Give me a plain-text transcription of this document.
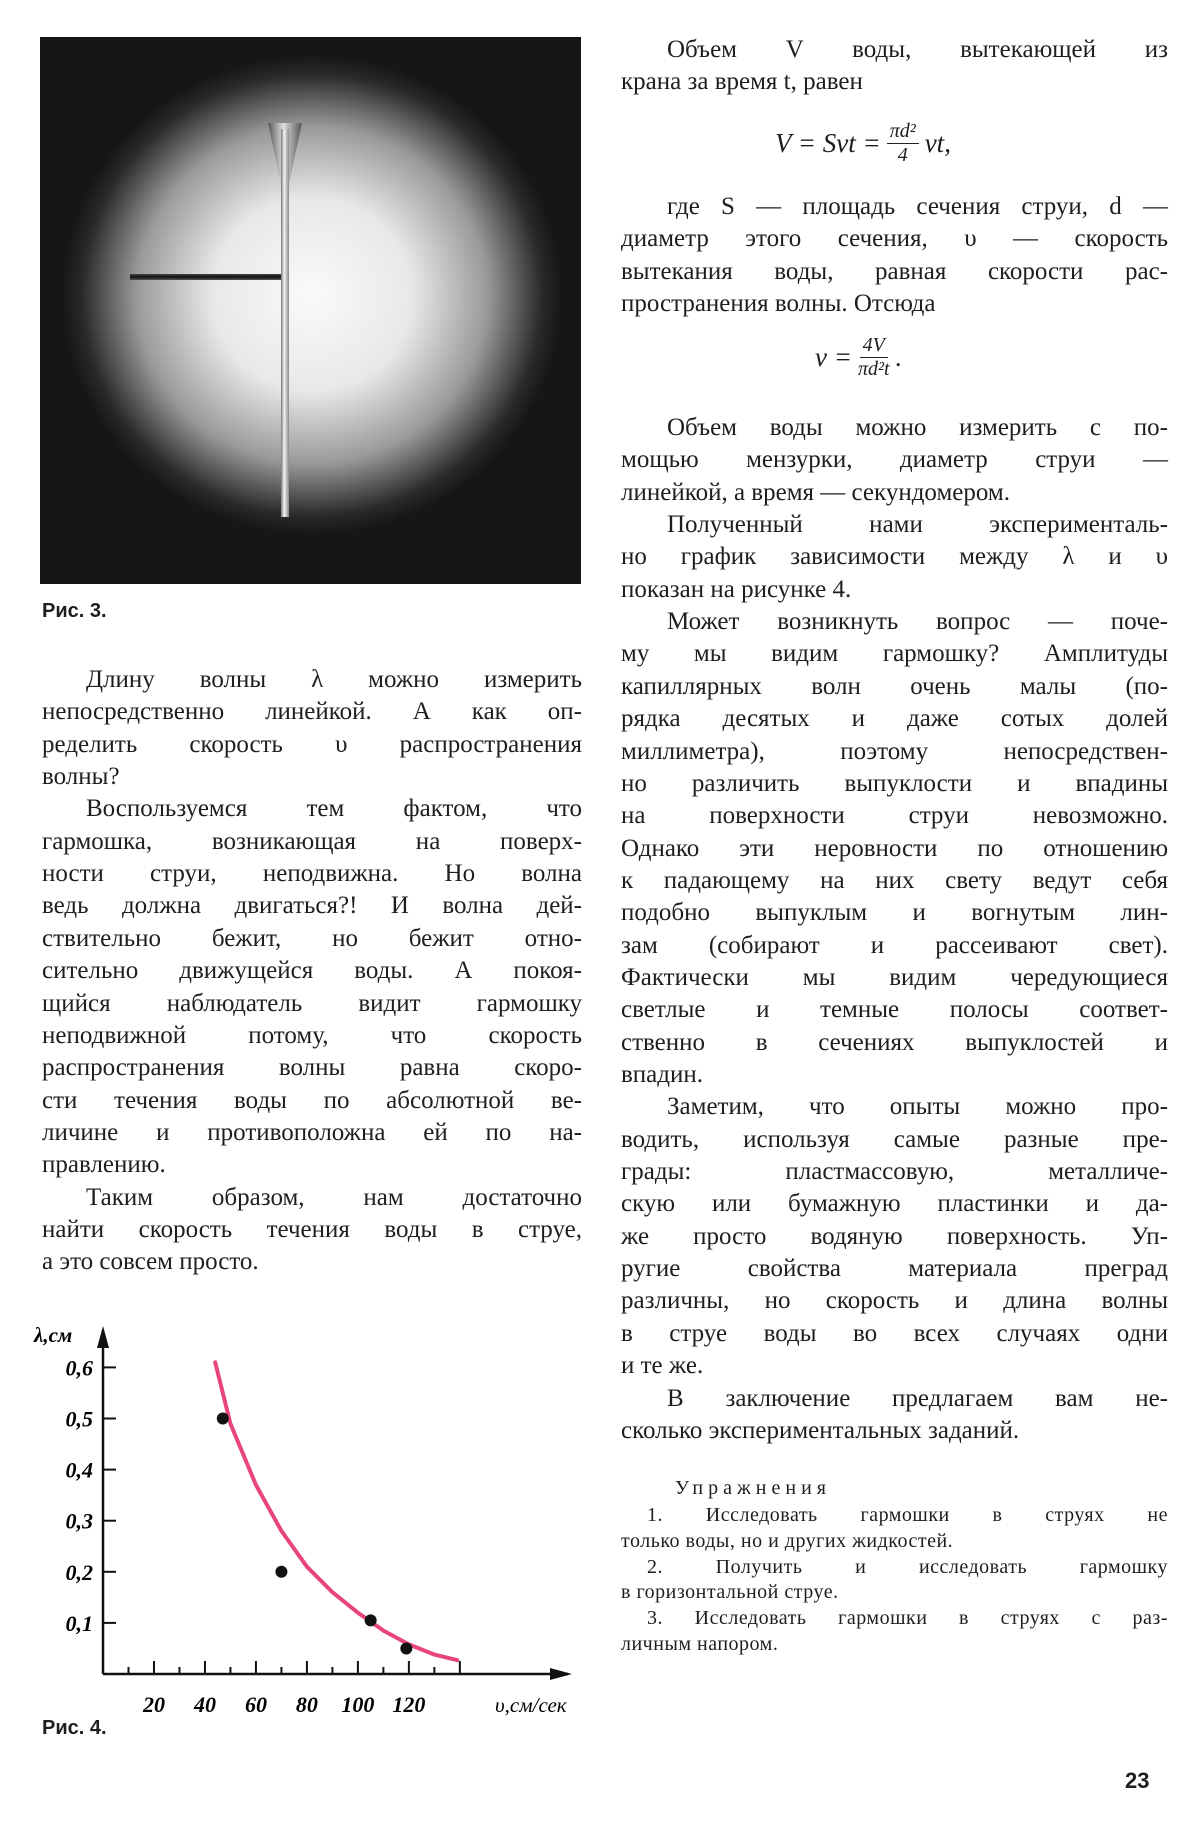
Рис. 3.
Длину волны λ можно измерить
непосредственно линейкой. А как оп-
ределить скорость υ распространения
волны?
Воспользуемся тем фактом, что
гармошка, возникающая на поверх-
ности струи, неподвижна. Но волна
ведь должна двигаться?! И волна дей-
ствительно бежит, но бежит отно-
сительно движущейся воды. А покоя-
щийся наблюдатель видит гармошку
неподвижной потому, что скорость
распространения волны равна скоро-
сти течения воды по абсолютной ве-
личине и противоположна ей по на-
правлению.
Таким образом, нам достаточно
найти скорость течения воды в струе,
а это совсем просто.
Объем V воды, вытекающей из
крана за время t, равен
где S — площадь сечения струи, d —
диаметр этого сечения, υ — скорость
вытекания воды, равная скорости рас-
пространения волны. Отсюда
Объем воды можно измерить с по-
мощью мензурки, диаметр струи —
линейкой, а время — секундомером.
Полученный нами эксперименталь-
но график зависимости между λ и υ
показан на рисунке 4.
Может возникнуть вопрос — поче-
му мы видим гармошку? Амплитуды
капиллярных волн очень малы (по-
рядка десятых и даже сотых долей
миллиметра), поэтому непосредствен-
но различить выпуклости и впадины
на поверхности струи невозможно.
Однако эти неровности по отношению
к падающему на них свету ведут себя
подобно выпуклым и вогнутым лин-
зам (собирают и рассеивают свет).
Фактически мы видим чередующиеся
светлые и темные полосы соответ-
ственно в сечениях выпуклостей и
впадин.
Заметим, что опыты можно про-
водить, используя самые разные пре-
грады: пластмассовую, металличе-
скую или бумажную пластинки и да-
же просто водяную поверхность. Уп-
ругие свойства материала преград
различны, но скорость и длина волны
в струе воды во всех случаях одни
и те же.
В заключение предлагаем вам не-
сколько экспериментальных заданий.
V = Svt = $\frac{\text{πd²}}{4}$ vt,
$v = \frac{4V}{\text{πd²t}}$ .
Упражнения
1. Исследовать гармошки в струях не
только воды, но и других жидкостей.
2. Получить и исследовать гармошку
в горизонтальной струе.
3. Исследовать гармошки в струях с раз-
личным напором.
0,1
0,2
0,3
0,4
0,5
0,6
20 40 60 80 100 120
λ,см
υ,см/сек
Рис. 4.
23
